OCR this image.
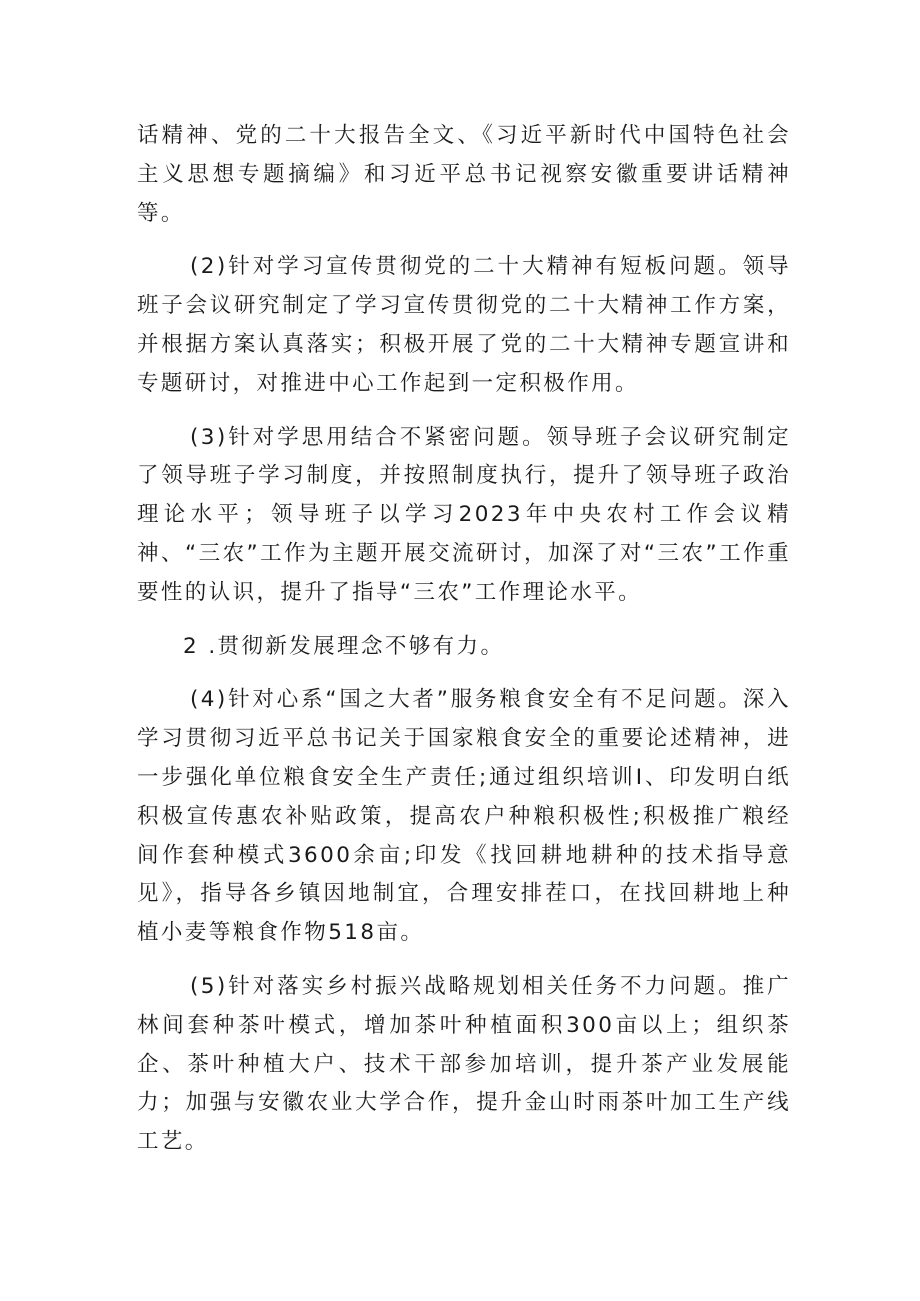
话精神、党的二十大报告全文、《习近平新时代中国特色社会主义思想专题摘编》和习近平总书记视察安徽重要讲话精神等。

(2)针对学习宣传贯彻党的二十大精神有短板问题。领导班子会议研究制定了学习宣传贯彻党的二十大精神工作方案，并根据方案认真落实；积极开展了党的二十大精神专题宣讲和专题研讨，对推进中心工作起到一定积极作用。

(3)针对学思用结合不紧密问题。领导班子会议研究制定了领导班子学习制度，并按照制度执行，提升了领导班子政治理论水平；领导班子以学习2023年中央农村工作会议精神、“三农”工作为主题开展交流研讨，加深了对“三农”工作重要性的认识，提升了指导“三农”工作理论水平。

2 .贯彻新发展理念不够有力。

(4)针对心系“国之大者”服务粮食安全有不足问题。深入学习贯彻习近平总书记关于国家粮食安全的重要论述精神，进一步强化单位粮食安全生产责任;通过组织培训I、印发明白纸积极宣传惠农补贴政策，提高农户种粮积极性;积极推广粮经间作套种模式3600余亩;印发《找回耕地耕种的技术指导意见》，指导各乡镇因地制宜，合理安排茬口，在找回耕地上种植小麦等粮食作物518亩。

(5)针对落实乡村振兴战略规划相关任务不力问题。推广林间套种茶叶模式，增加茶叶种植面积300亩以上；组织茶企、茶叶种植大户、技术干部参加培训，提升茶产业发展能力；加强与安徽农业大学合作，提升金山时雨茶叶加工生产线工艺。
